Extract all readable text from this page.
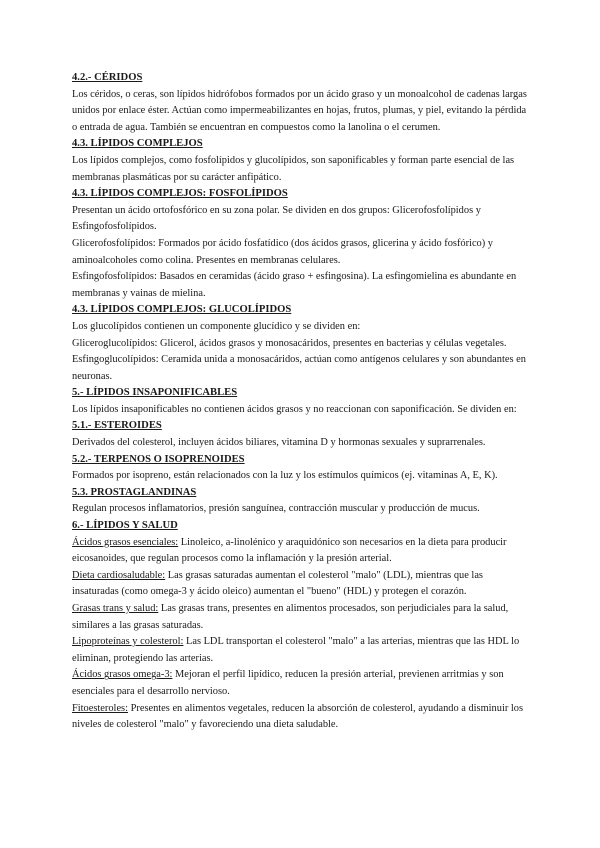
4.2.- CÉRIDOS

Los céridos, o ceras, son lípidos hidrófobos formados por un ácido graso y un monoalcohol de cadenas largas unidos por enlace éster. Actúan como impermeabilizantes en hojas, frutos, plumas, y piel, evitando la pérdida o entrada de agua. También se encuentran en compuestos como la lanolina o el cerumen.

4.3. LÍPIDOS COMPLEJOS

Los lípidos complejos, como fosfolípidos y glucolípidos, son saponificables y forman parte esencial de las membranas plasmáticas por su carácter anfipático.

4.3. LÍPIDOS COMPLEJOS: FOSFOLÍPIDOS

Presentan un ácido ortofosfórico en su zona polar. Se dividen en dos grupos: Glicerofosfolípidos y Esfingofosfolípidos.

Glicerofosfolípidos: Formados por ácido fosfatídico (dos ácidos grasos, glicerina y ácido fosfórico) y aminoalcoholes como colina. Presentes en membranas celulares.

Esfingofosfolípidos: Basados en ceramidas (ácido graso + esfingosina). La esfingomielina es abundante en membranas y vainas de mielina.

4.3. LÍPIDOS COMPLEJOS: GLUCOLÍPIDOS

Los glucolípidos contienen un componente glucídico y se dividen en:

Gliceroglucolípidos: Glicerol, ácidos grasos y monosacáridos, presentes en bacterias y células vegetales.

Esfingoglucolípidos: Ceramida unida a monosacáridos, actúan como antígenos celulares y son abundantes en neuronas.

5.- LÍPIDOS INSAPONIFICABLES

Los lípidos insaponificables no contienen ácidos grasos y no reaccionan con saponificación. Se dividen en:

5.1.- ESTEROIDES

Derivados del colesterol, incluyen ácidos biliares, vitamina D y hormonas sexuales y suprarrenales.

5.2.- TERPENOS O ISOPRENOIDES

Formados por isopreno, están relacionados con la luz y los estímulos químicos (ej. vitaminas A, E, K).

5.3. PROSTAGLANDINAS

Regulan procesos inflamatorios, presión sanguínea, contracción muscular y producción de mucus.

6.- LÍPIDOS Y SALUD

Ácidos grasos esenciales: Linoleico, a-linolénico y araquidónico son necesarios en la dieta para producir eicosanoides, que regulan procesos como la inflamación y la presión arterial.

Dieta cardiosaludable: Las grasas saturadas aumentan el colesterol "malo" (LDL), mientras que las insaturadas (como omega-3 y ácido oleico) aumentan el "bueno" (HDL) y protegen el corazón.

Grasas trans y salud: Las grasas trans, presentes en alimentos procesados, son perjudiciales para la salud, similares a las grasas saturadas.

Lipoproteínas y colesterol: Las LDL transportan el colesterol "malo" a las arterias, mientras que las HDL lo eliminan, protegiendo las arterias.

Ácidos grasos omega-3: Mejoran el perfil lipídico, reducen la presión arterial, previenen arritmias y son esenciales para el desarrollo nervioso.

Fitoesteroles: Presentes en alimentos vegetales, reducen la absorción de colesterol, ayudando a disminuir los niveles de colesterol "malo" y favoreciendo una dieta saludable.
